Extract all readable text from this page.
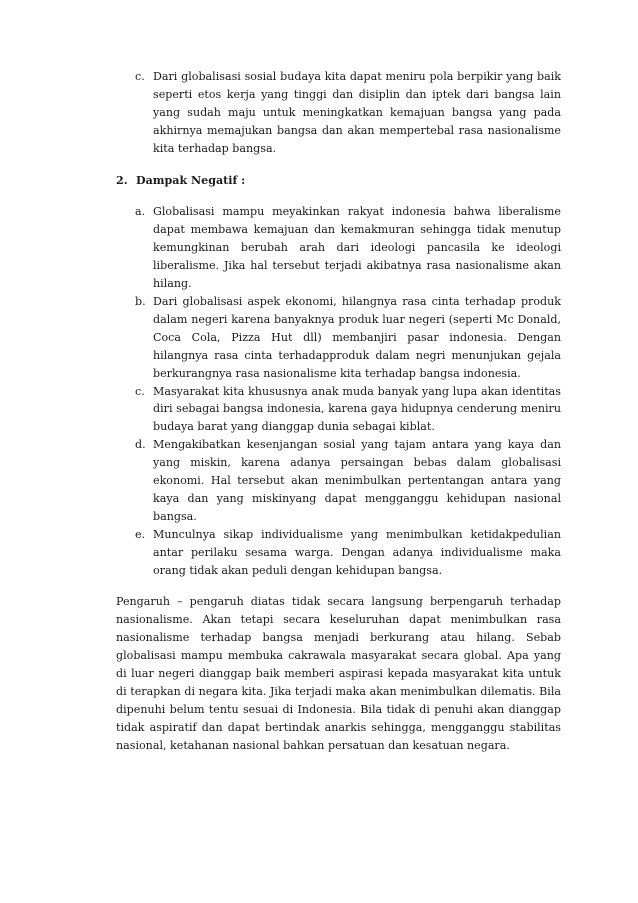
c. Dari globalisasi sosial budaya kita dapat meniru pola berpikir yang baik seperti etos kerja yang tinggi dan disiplin dan iptek dari bangsa lain yang sudah maju untuk meningkatkan kemajuan bangsa yang pada akhirnya memajukan bangsa dan akan mempertebal rasa nasionalisme kita terhadap bangsa.
2. Dampak Negatif :
a. Globalisasi mampu meyakinkan rakyat indonesia bahwa liberalisme dapat membawa kemajuan dan kemakmuran sehingga tidak menutup kemungkinan berubah arah dari ideologi pancasila ke ideologi liberalisme. Jika hal tersebut terjadi akibatnya rasa nasionalisme akan hilang.
b. Dari globalisasi aspek ekonomi, hilangnya rasa cinta terhadap produk dalam negeri karena banyaknya produk luar negeri (seperti Mc Donald, Coca Cola, Pizza Hut dll) membanjiri pasar indonesia. Dengan hilangnya rasa cinta terhadapproduk dalam negri menunjukan gejala berkurangnya rasa nasionalisme kita terhadap bangsa indonesia.
c. Masyarakat kita khususnya anak muda banyak yang lupa akan identitas diri sebagai bangsa indonesia, karena gaya hidupnya cenderung meniru budaya barat yang dianggap dunia sebagai kiblat.
d. Mengakibatkan kesenjangan sosial yang tajam antara yang kaya dan yang miskin, karena adanya persaingan bebas dalam globalisasi ekonomi. Hal tersebut akan menimbulkan pertentangan antara yang kaya dan yang miskinyang dapat mengganggu kehidupan nasional bangsa.
e. Munculnya sikap individualisme yang menimbulkan ketidakpedulian antar perilaku sesama warga. Dengan adanya individualisme maka orang tidak akan peduli dengan kehidupan bangsa.

Pengaruh – pengaruh diatas tidak secara langsung berpengaruh terhadap nasionalisme. Akan tetapi secara keseluruhan dapat menimbulkan rasa nasionalisme terhadap bangsa menjadi berkurang atau hilang. Sebab globalisasi mampu membuka cakrawala masyarakat secara global. Apa yang di luar negeri dianggap baik memberi aspirasi kepada masyarakat kita untuk di terapkan di negara kita. Jika terjadi maka akan menimbulkan dilematis. Bila dipenuhi belum tentu sesuai di Indonesia. Bila tidak di penuhi akan dianggap tidak aspiratif dan dapat bertindak anarkis sehingga, mengganggu stabilitas nasional, ketahanan nasional bahkan persatuan dan kesatuan negara.
